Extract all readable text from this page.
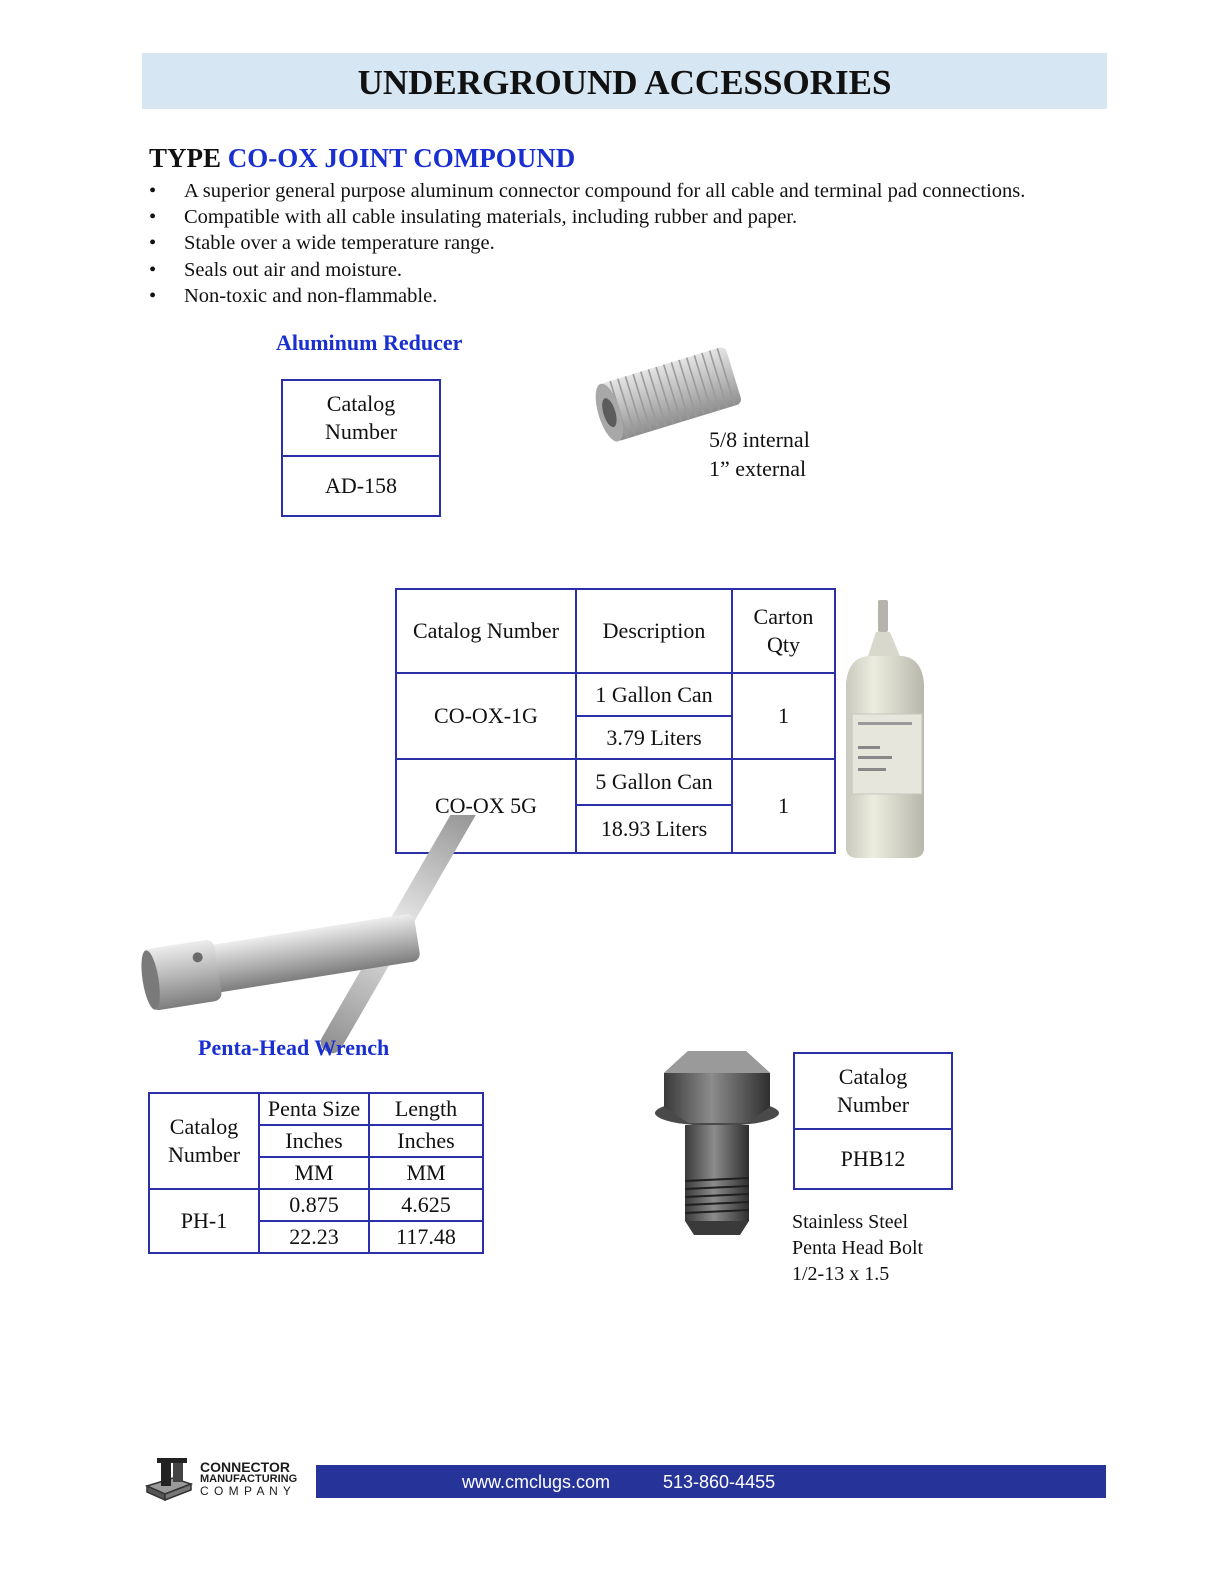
UNDERGROUND ACCESSORIES
TYPE CO-OX JOINT COMPOUND
•	A superior general purpose aluminum connector compound for all cable and terminal pad connections.
•	Compatible with all cable insulating materials, including rubber and paper.
•	Stable over a wide temperature range.
•	Seals out air and moisture.
•	Non-toxic and non-flammable.
Aluminum Reducer
Catalog
Number

AD-158
5/8 internal
1” external
Catalog Number	Description	Carton
Qty

CO-OX-1G	1 Gallon Can	1
	3.79 Liters	
CO-OX 5G	5 Gallon Can	1
	18.93 Liters	
Penta-Head Wrench
Catalog
Number	Penta Size	Length
	Inches	Inches
	MM	MM
PH-1	0.875	4.625
	22.23	117.48
Catalog
Number

PHB12
Stainless Steel
Penta Head Bolt
1/2-13 x 1.5
CONNECTOR
MANUFACTURING
C O M P A N Y	www.cmclugs.com	513-860-4455
